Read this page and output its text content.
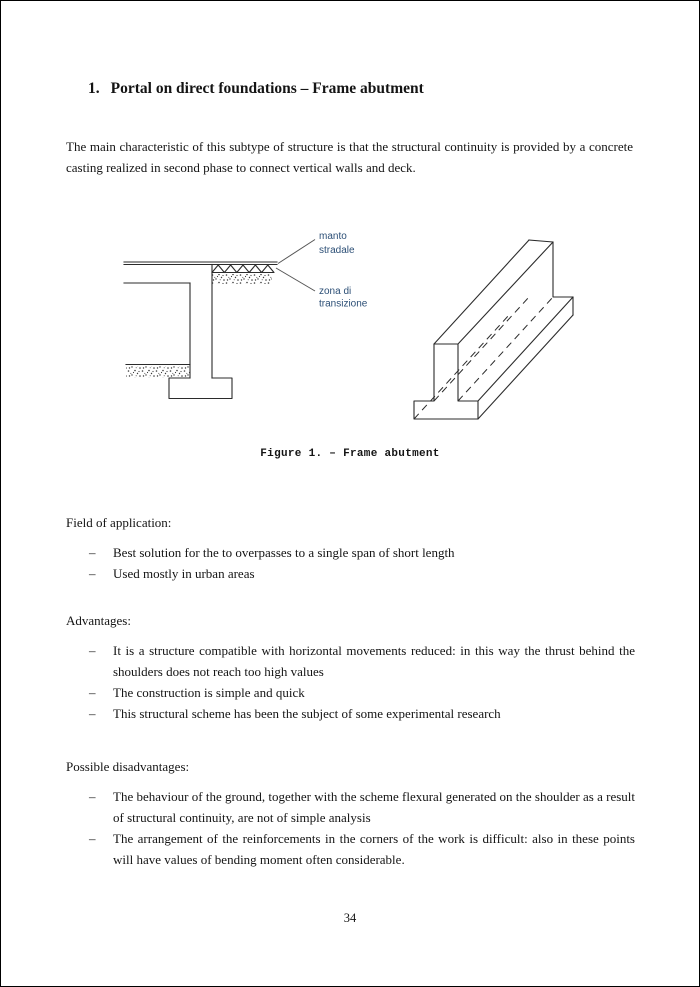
1. Portal on direct foundations – Frame abutment
The main characteristic of this subtype of structure is that the structural continuity is provided by a concrete casting realized in second phase to connect vertical walls and deck.
manto
stradale
zona di
transizione
Figure 1. – Frame abutment

Field of application:

–	Best solution for the to overpasses to a single span of short length
–	Used mostly in urban areas

Advantages:

–	It is a structure compatible with horizontal movements reduced: in this way the thrust behind the shoulders does not reach too high values
–	The construction is simple and quick
–	This structural scheme has been the subject of some experimental research

Possible disadvantages:

–	The behaviour of the ground, together with the scheme flexural generated on the shoulder as a result of structural continuity, are not of simple analysis
–	The arrangement of the reinforcements in the corners of the work is difficult: also in these points will have values of bending moment often considerable.
34
